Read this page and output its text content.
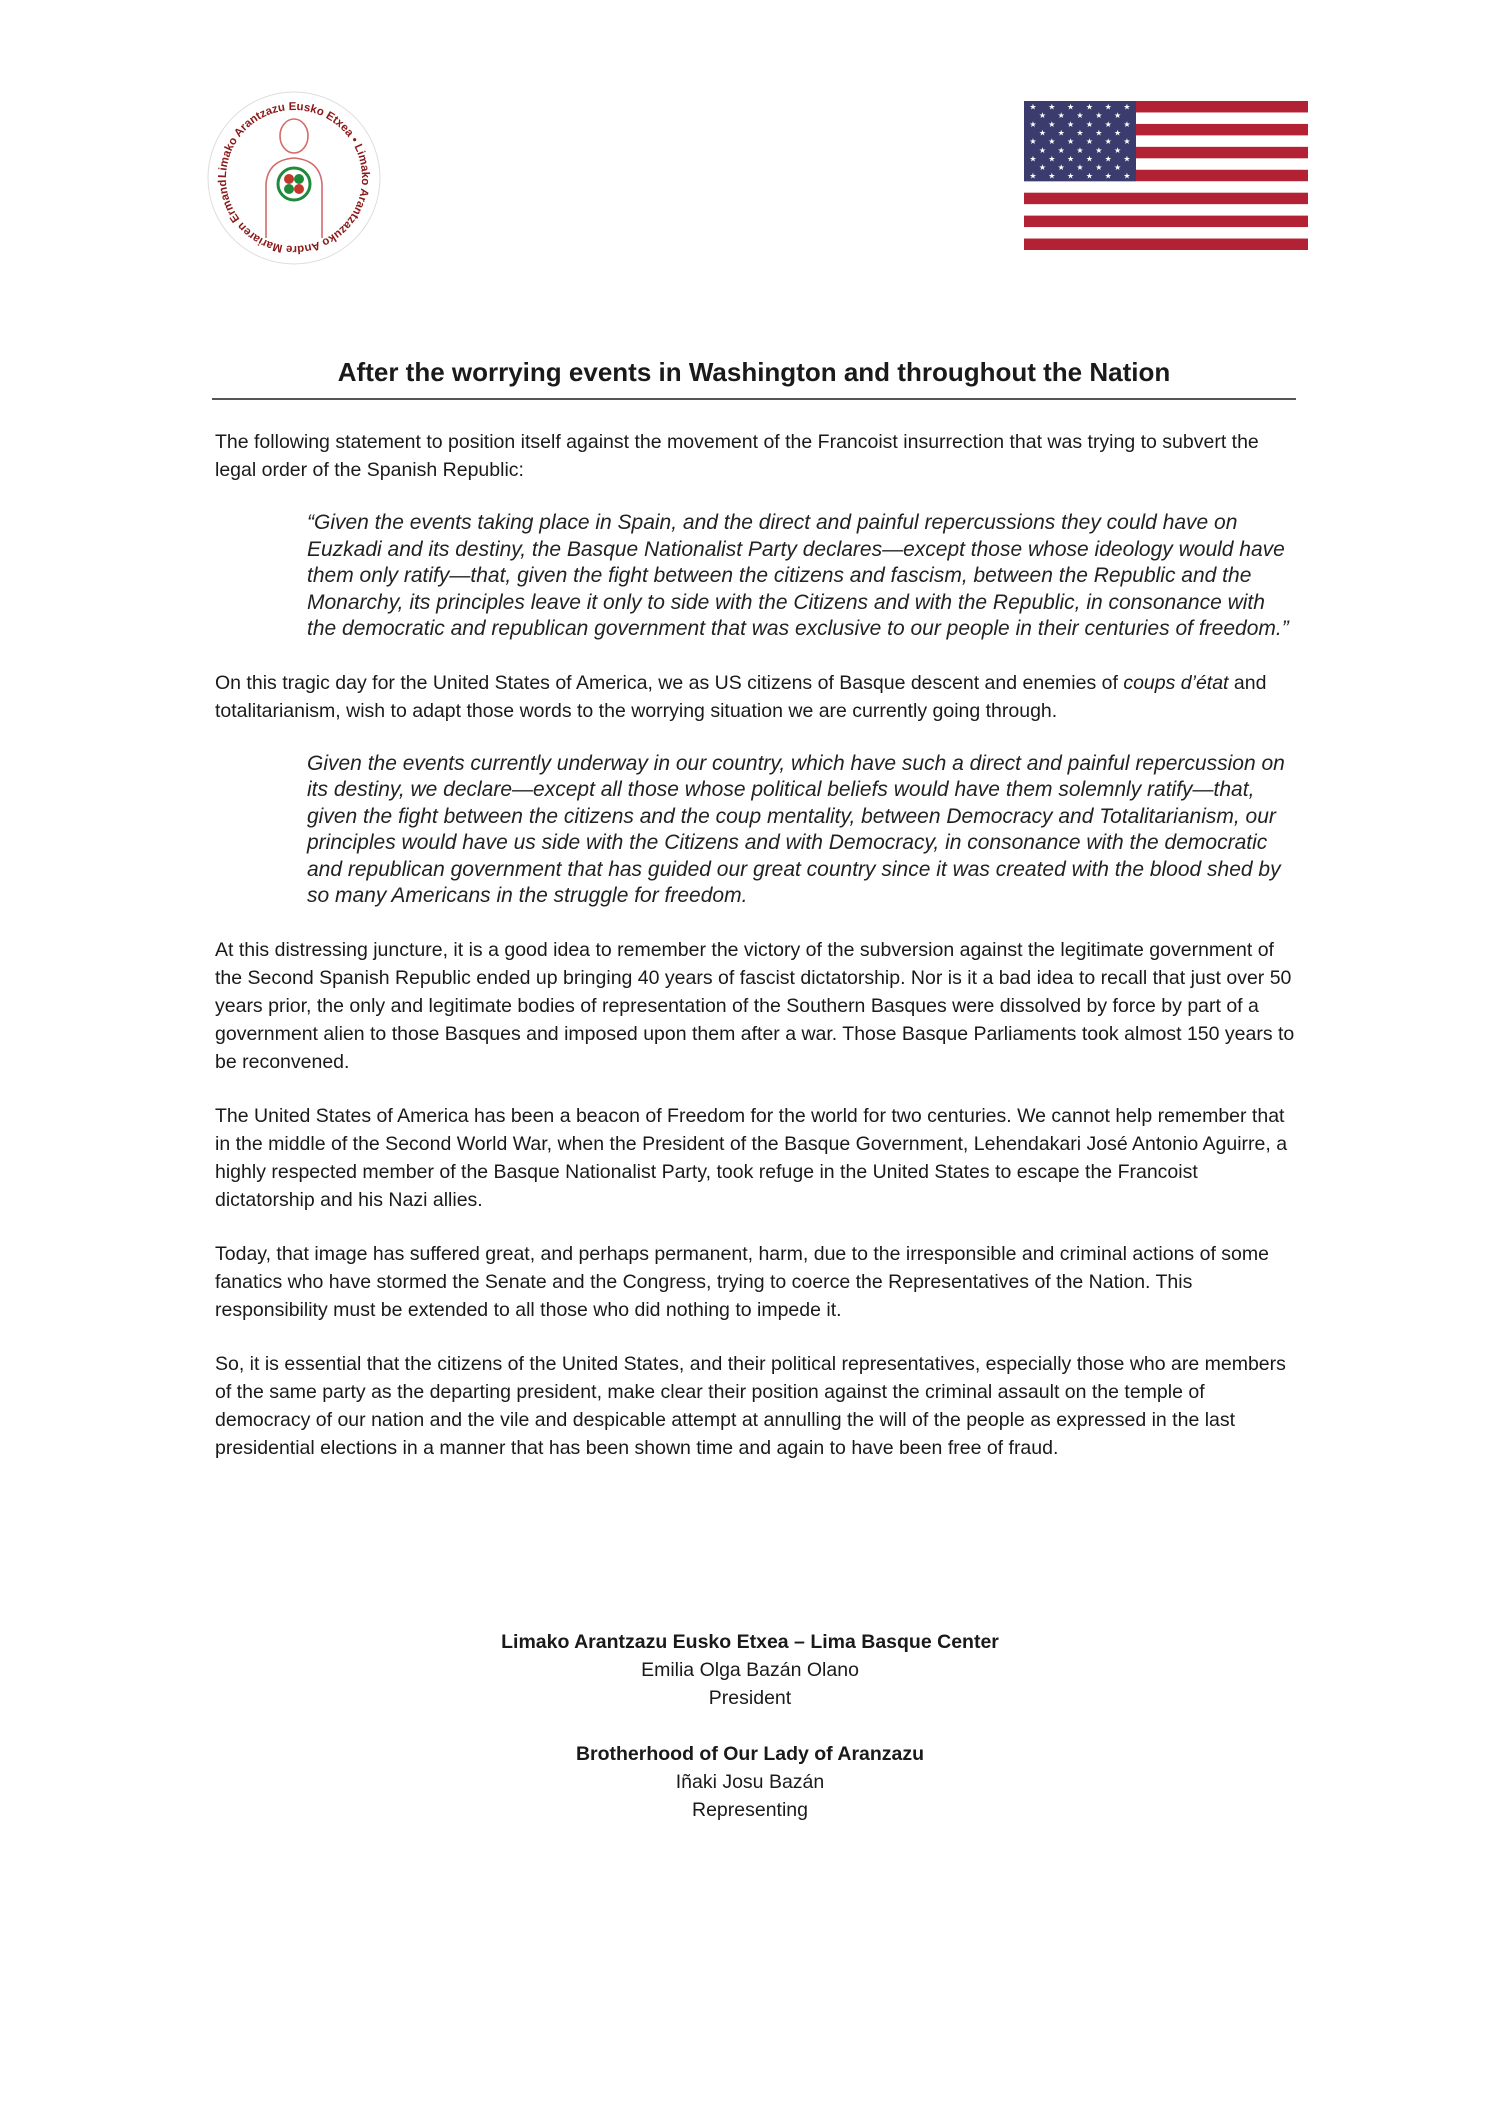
Limako Arantzazu Eusko Etxea • Limako Arantzazuko Andre Mariaren Ermand
★ ★ ★ ★ ★ ★
★ ★ ★ ★ ★
★ ★ ★ ★ ★ ★
★ ★ ★ ★ ★
★ ★ ★ ★ ★ ★
★ ★ ★ ★ ★
★ ★ ★ ★ ★ ★
★ ★ ★ ★ ★
★ ★ ★ ★ ★ ★
After the worrying events in Washington and throughout the Nation

The following statement to position itself against the movement of the Francoist insurrection that was trying to subvert the legal order of the Spanish Republic:

“Given the events taking place in Spain, and the direct and painful repercussions they could have on Euzkadi and its destiny, the Basque Nationalist Party declares—except those whose ideology would have them only ratify—that, given the fight between the citizens and fascism, between the Republic and the Monarchy, its principles leave it only to side with the Citizens and with the Republic, in consonance with the democratic and republican government that was exclusive to our people in their centuries of freedom.”

On this tragic day for the United States of America, we as US citizens of Basque descent and enemies of coups d’état and totalitarianism, wish to adapt those words to the worrying situation we are currently going through.

Given the events currently underway in our country, which have such a direct and painful repercussion on its destiny, we declare—except all those whose political beliefs would have them solemnly ratify—that, given the fight between the citizens and the coup mentality, between Democracy and Totalitarianism, our principles would have us side with the Citizens and with Democracy, in consonance with the democratic and republican government that has guided our great country since it was created with the blood shed by so many Americans in the struggle for freedom.

At this distressing juncture, it is a good idea to remember the victory of the subversion against the legitimate government of the Second Spanish Republic ended up bringing 40 years of fascist dictatorship. Nor is it a bad idea to recall that just over 50 years prior, the only and legitimate bodies of representation of the Southern Basques were dissolved by force by part of a government alien to those Basques and imposed upon them after a war. Those Basque Parliaments took almost 150 years to be reconvened.

The United States of America has been a beacon of Freedom for the world for two centuries. We cannot help remember that in the middle of the Second World War, when the President of the Basque Government, Lehendakari José Antonio Aguirre, a highly respected member of the Basque Nationalist Party, took refuge in the United States to escape the Francoist dictatorship and his Nazi allies.

Today, that image has suffered great, and perhaps permanent, harm, due to the irresponsible and criminal actions of some fanatics who have stormed the Senate and the Congress, trying to coerce the Representatives of the Nation. This responsibility must be extended to all those who did nothing to impede it.

So, it is essential that the citizens of the United States, and their political representatives, especially those who are members of the same party as the departing president, make clear their position against the criminal assault on the temple of democracy of our nation and the vile and despicable attempt at annulling the will of the people as expressed in the last presidential elections in a manner that has been shown time and again to have been free of fraud.

Limako Arantzazu Eusko Etxea – Lima Basque Center
Emilia Olga Bazán Olano
President
Brotherhood of Our Lady of Aranzazu
Iñaki Josu Bazán
Representing
